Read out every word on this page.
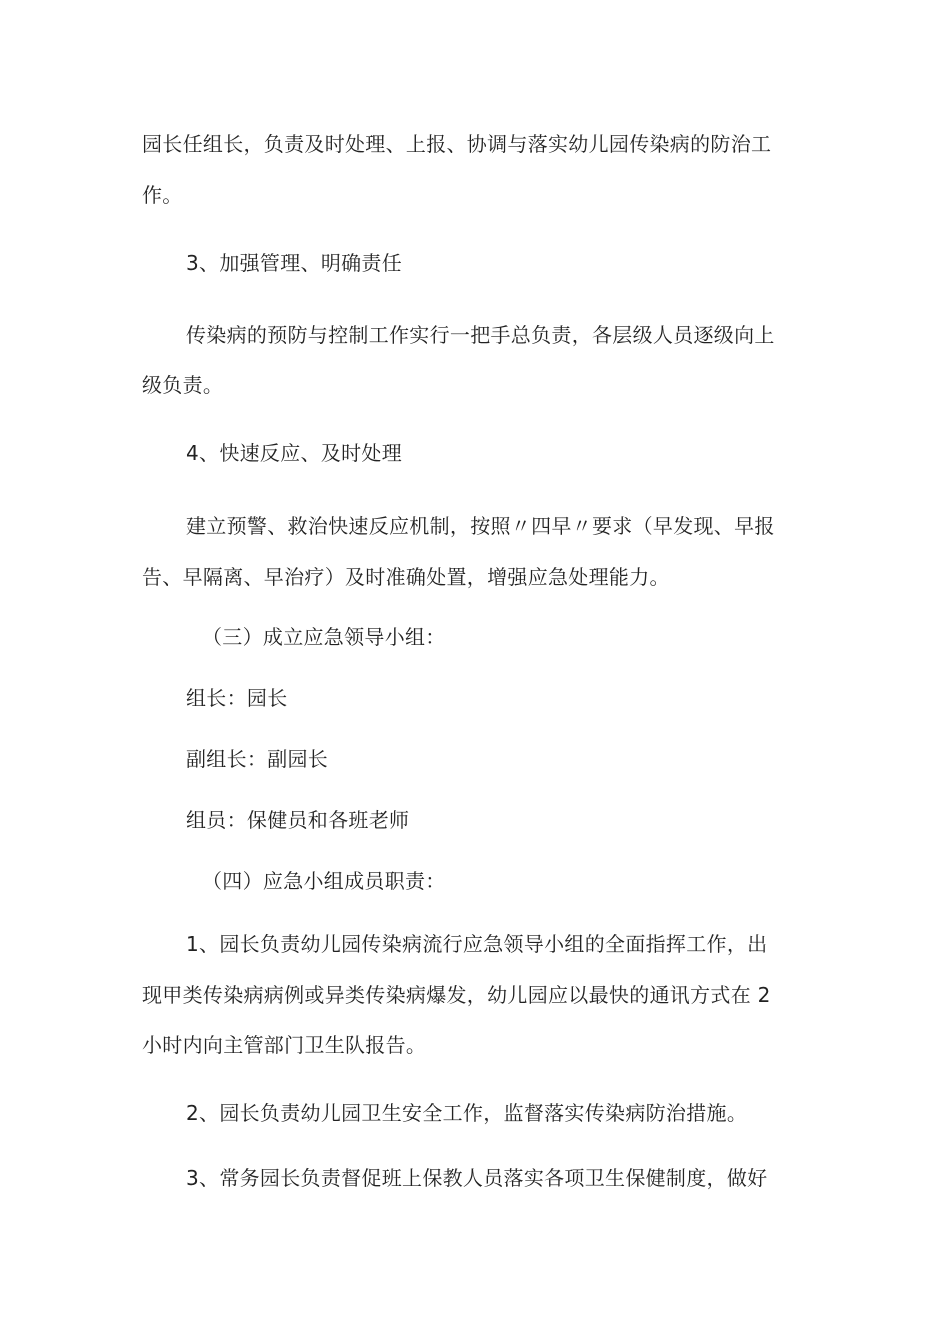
园长任组长，负责及时处理、上报、协调与落实幼儿园传染病的防治工
作。
3、加强管理、明确责任
传染病的预防与控制工作实行一把手总负责，各层级人员逐级向上
级负责。
4、快速反应、及时处理
建立预警、救治快速反应机制，按照〃四早〃要求（早发现、早报
告、早隔离、早治疗）及时准确处置，增强应急处理能力。
（三）成立应急领导小组：
组长：园长
副组长：副园长
组员：保健员和各班老师
（四）应急小组成员职责：
1、园长负责幼儿园传染病流行应急领导小组的全面指挥工作，出
现甲类传染病病例或异类传染病爆发，幼儿园应以最快的通讯方式在 2
小时内向主管部门卫生队报告。
2、园长负责幼儿园卫生安全工作，监督落实传染病防治措施。
3、常务园长负责督促班上保教人员落实各项卫生保健制度，做好
